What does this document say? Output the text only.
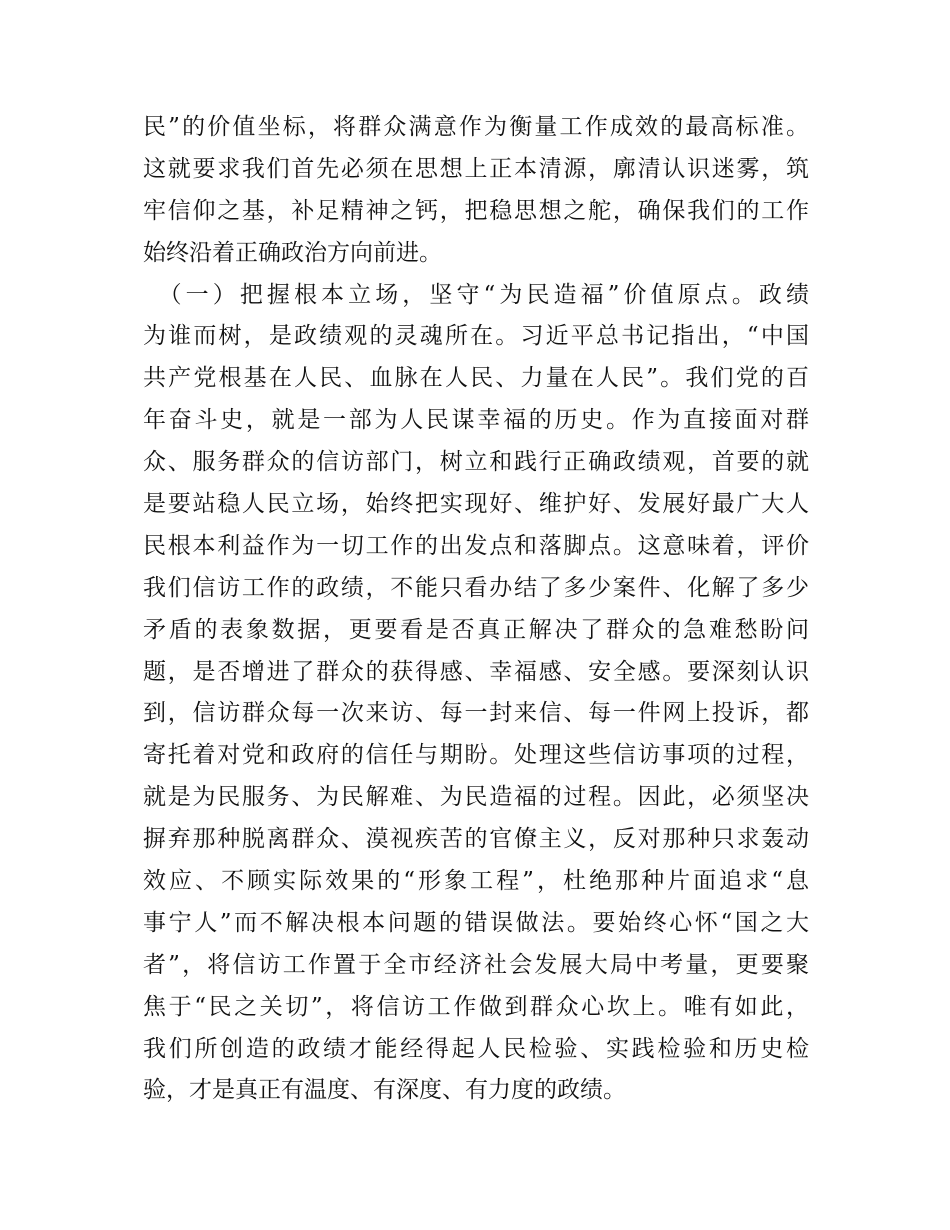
民”的价值坐标，将群众满意作为衡量工作成效的最高标准。
这就要求我们首先必须在思想上正本清源，廓清认识迷雾，筑
牢信仰之基，补足精神之钙，把稳思想之舵，确保我们的工作
始终沿着正确政治方向前进。
　（一）把握根本立场，坚守“为民造福”价值原点。政绩
为谁而树，是政绩观的灵魂所在。习近平总书记指出，“中国
共产党根基在人民、血脉在人民、力量在人民”。我们党的百
年奋斗史，就是一部为人民谋幸福的历史。作为直接面对群
众、服务群众的信访部门，树立和践行正确政绩观，首要的就
是要站稳人民立场，始终把实现好、维护好、发展好最广大人
民根本利益作为一切工作的出发点和落脚点。这意味着，评价
我们信访工作的政绩，不能只看办结了多少案件、化解了多少
矛盾的表象数据，更要看是否真正解决了群众的急难愁盼问
题，是否增进了群众的获得感、幸福感、安全感。要深刻认识
到，信访群众每一次来访、每一封来信、每一件网上投诉，都
寄托着对党和政府的信任与期盼。处理这些信访事项的过程，
就是为民服务、为民解难、为民造福的过程。因此，必须坚决
摒弃那种脱离群众、漠视疾苦的官僚主义，反对那种只求轰动
效应、不顾实际效果的“形象工程”，杜绝那种片面追求“息
事宁人”而不解决根本问题的错误做法。要始终心怀“国之大
者”，将信访工作置于全市经济社会发展大局中考量，更要聚
焦于“民之关切”，将信访工作做到群众心坎上。唯有如此，
我们所创造的政绩才能经得起人民检验、实践检验和历史检
验，才是真正有温度、有深度、有力度的政绩。
